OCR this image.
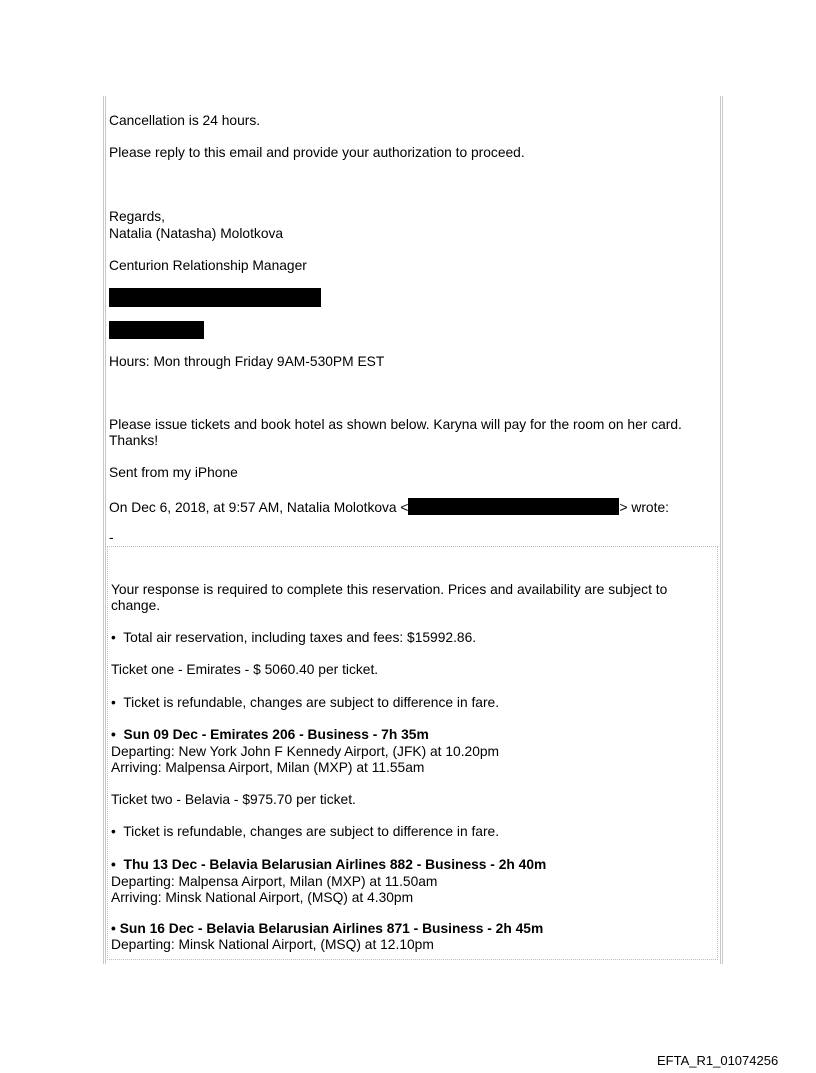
Cancellation is 24 hours.

Please reply to this email and provide your authorization to proceed.

Regards,

Natalia (Natasha) Molotkova

Centurion Relationship Manager

Hours: Mon through Friday 9AM-530PM EST

Please issue tickets and book hotel as shown below. Karyna will pay for the room on her card.

Thanks!

Sent from my iPhone

On Dec 6, 2018, at 9:57 AM, Natalia Molotkova <	> wrote:

-

Your response is required to complete this reservation. Prices and availability are subject to change.

• Total air reservation, including taxes and fees: $15992.86.

Ticket one - Emirates - $ 5060.40 per ticket.

• Ticket is refundable, changes are subject to difference in fare.

• Sun 09 Dec - Emirates 206 - Business - 7h 35m

Departing: New York John F Kennedy Airport, (JFK) at 10.20pm

Arriving: Malpensa Airport, Milan (MXP) at 11.55am

Ticket two - Belavia - $975.70 per ticket.

• Ticket is refundable, changes are subject to difference in fare.

• Thu 13 Dec - Belavia Belarusian Airlines 882 - Business - 2h 40m

Departing: Malpensa Airport, Milan (MXP) at 11.50am

Arriving: Minsk National Airport, (MSQ) at 4.30pm

• Sun 16 Dec - Belavia Belarusian Airlines 871 - Business - 2h 45m

Departing: Minsk National Airport, (MSQ) at 12.10pm

EFTA_R1_01074256
